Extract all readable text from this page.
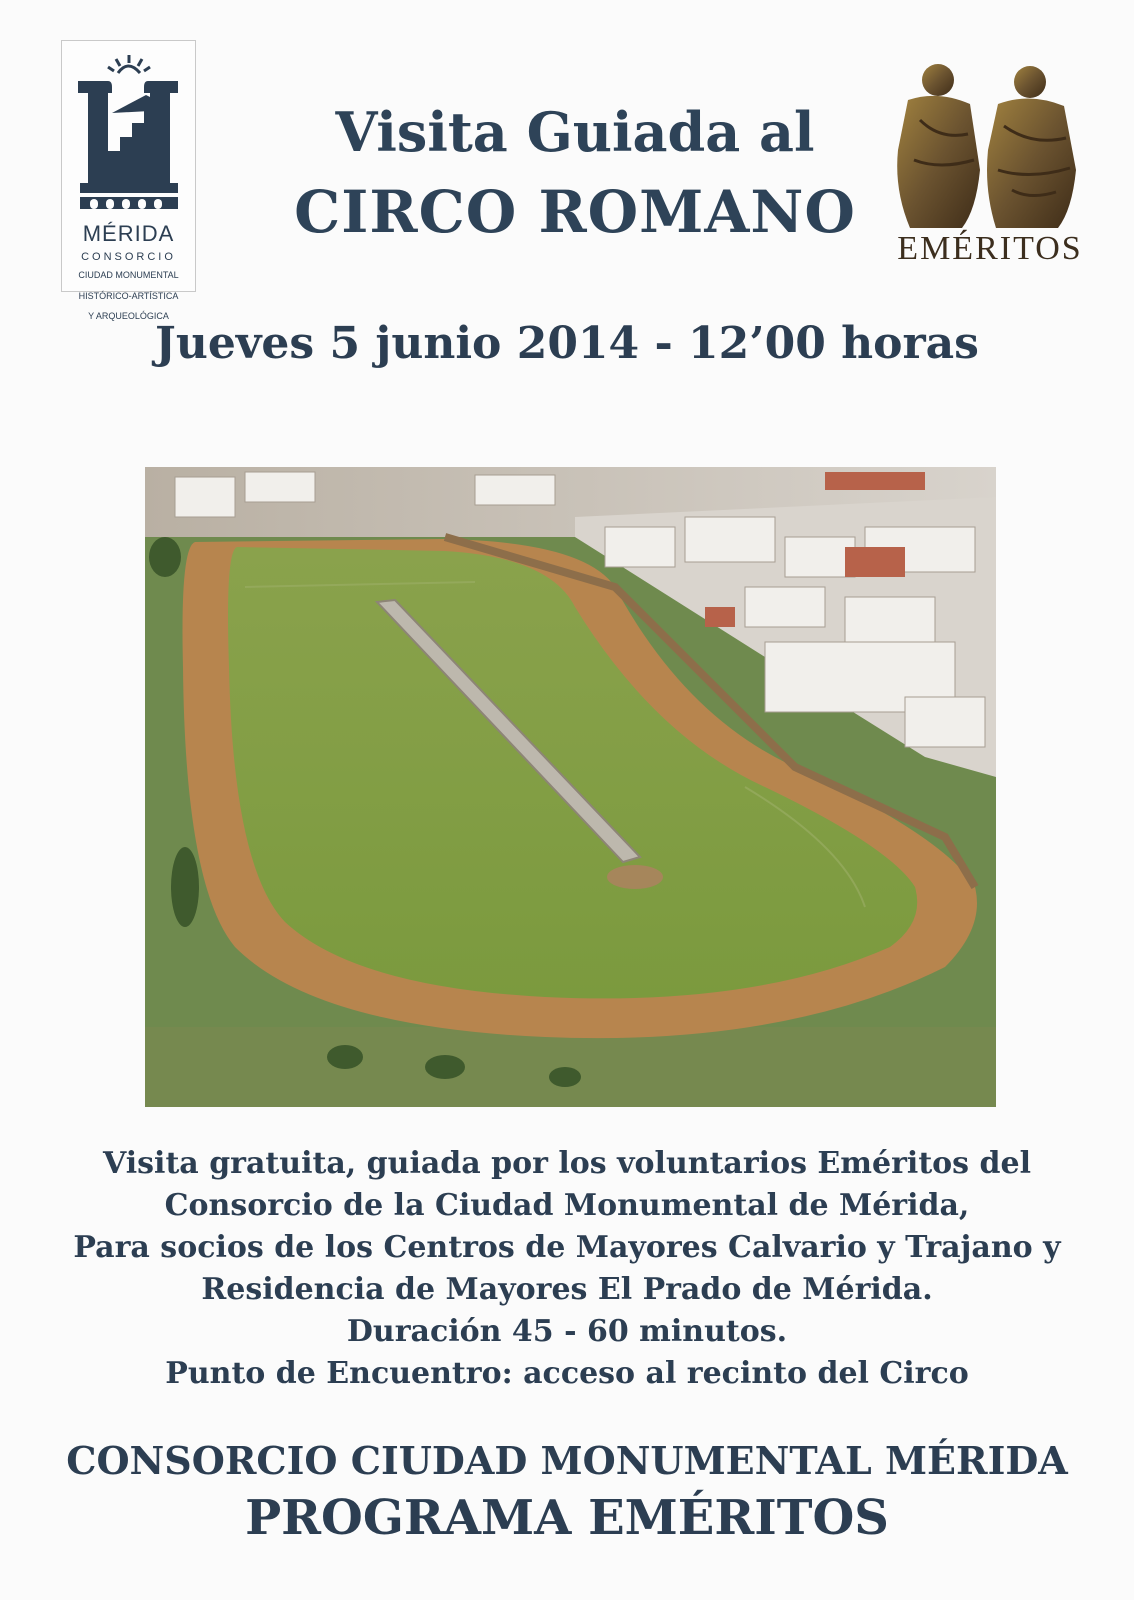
MÉRIDA
CONSORCIO
CIUDAD MONUMENTAL
HISTÓRICO-ARTÍSTICA
Y ARQUEOLÓGICA
Visita Guiada al
CIRCO ROMANO
EMÉRITOS
Jueves 5 junio 2014 - 12’00 horas
Visita gratuita, guiada por los voluntarios Eméritos del
Consorcio de la Ciudad Monumental de Mérida,
Para socios de los Centros de Mayores Calvario y Trajano y
Residencia de Mayores El Prado de Mérida.
Duración 45 - 60 minutos.
Punto de Encuentro: acceso al recinto del Circo
CONSORCIO CIUDAD MONUMENTAL MÉRIDA
PROGRAMA EMÉRITOS
